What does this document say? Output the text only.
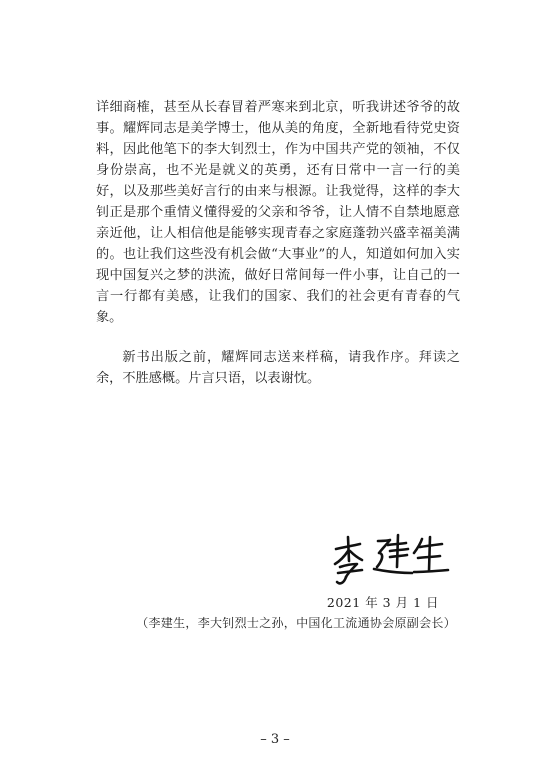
详细商榷，甚至从长春冒着严寒来到北京，听我讲述爷爷的故事。耀辉同志是美学博士，他从美的角度，全新地看待党史资料，因此他笔下的李大钊烈士，作为中国共产党的领袖，不仅身份崇高，也不光是就义的英勇，还有日常中一言一行的美好，以及那些美好言行的由来与根源。让我觉得，这样的李大钊正是那个重情义懂得爱的父亲和爷爷，让人情不自禁地愿意亲近他，让人相信他是能够实现青春之家庭蓬勃兴盛幸福美满的。也让我们这些没有机会做“大事业”的人，知道如何加入实现中国复兴之梦的洪流，做好日常间每一件小事，让自己的一言一行都有美感，让我们的国家、我们的社会更有青春的气象。

新书出版之前，耀辉同志送来样稿，请我作序。拜读之余，不胜感概。片言只语，以表谢忱。

2021 年 3 月 1 日
（李建生，李大钊烈士之孙，中国化工流通协会原副会长）
– 3 –
